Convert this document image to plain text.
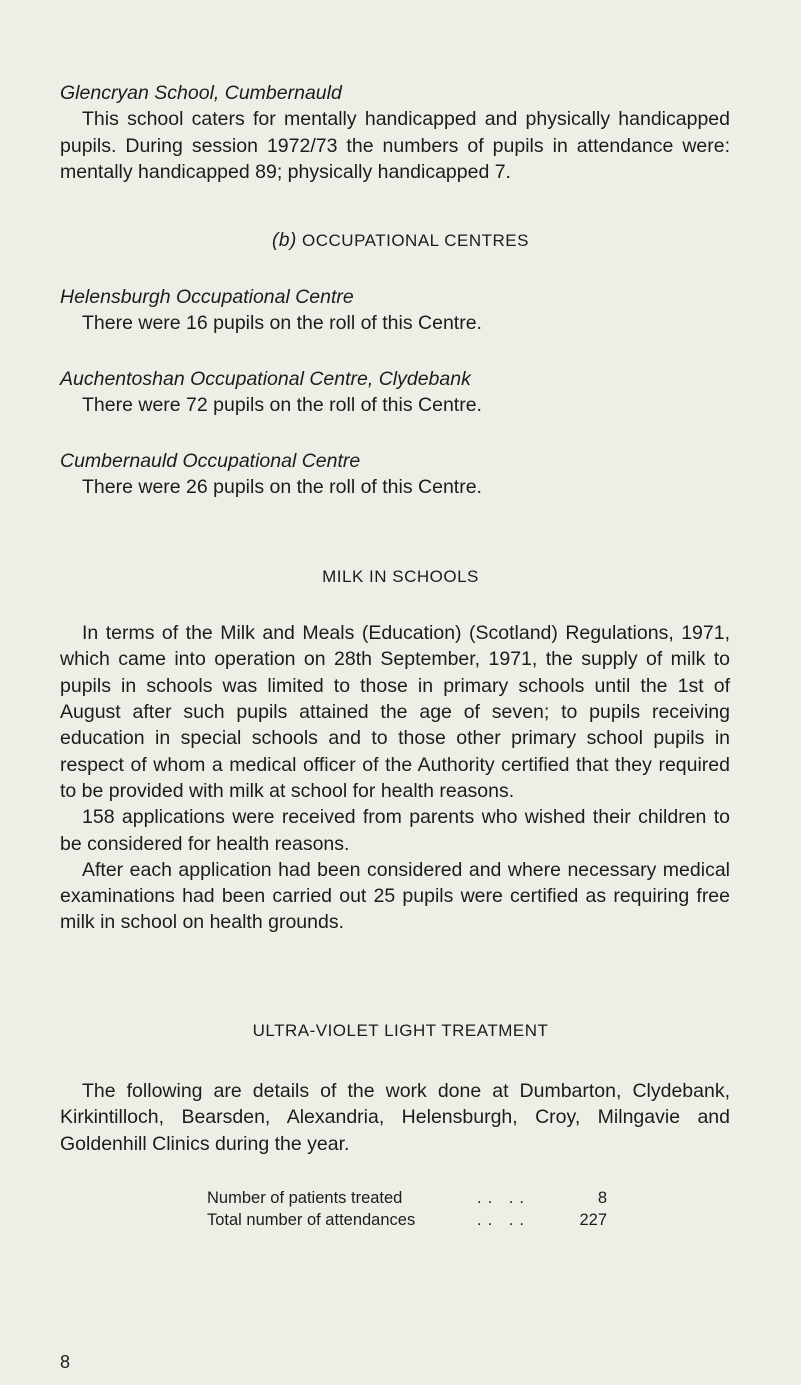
Glencryan School, Cumbernauld

This school caters for mentally handicapped and physically handicapped pupils. During session 1972/73 the numbers of pupils in attendance were: mentally handicapped 89; physically handicapped 7.

(b) OCCUPATIONAL CENTRES
Helensburgh Occupational Centre

There were 16 pupils on the roll of this Centre.

Auchentoshan Occupational Centre, Clydebank

There were 72 pupils on the roll of this Centre.

Cumbernauld Occupational Centre

There were 26 pupils on the roll of this Centre.

MILK IN SCHOOLS

In terms of the Milk and Meals (Education) (Scotland) Regulations, 1971, which came into operation on 28th September, 1971, the supply of milk to pupils in schools was limited to those in primary schools until the 1st of August after such pupils attained the age of seven; to pupils receiving education in special schools and to those other primary school pupils in respect of whom a medical officer of the Authority certified that they required to be provided with milk at school for health reasons.

158 applications were received from parents who wished their children to be considered for health reasons.

After each application had been considered and where necessary medical examinations had been carried out 25 pupils were certified as requiring free milk in school on health grounds.

ULTRA-VIOLET LIGHT TREATMENT

The following are details of the work done at Dumbarton, Clydebank, Kirkintilloch, Bearsden, Alexandria, Helensburgh, Croy, Milngavie and Goldenhill Clinics during the year.

Number of patients treated	.. ..	8
Total number of attendances	.. ..	227
8
